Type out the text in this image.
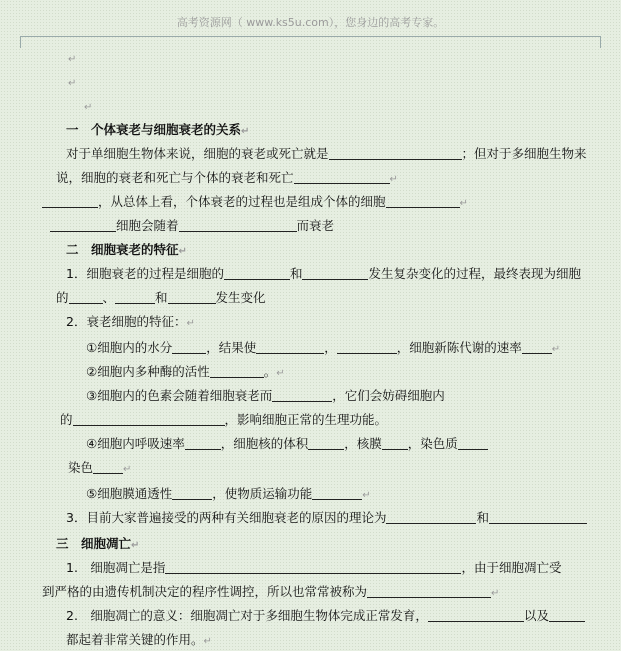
高考资源网（ www.ks5u.com），您身边的高考专家。
↵
↵
↵
一　个体衰老与细胞衰老的关系↵
对于单细胞生物体来说，细胞的衰老或死亡就是	；但对于多细胞生物来
说，细胞的衰老和死亡与个体的衰老和死亡	↵
，从总体上看，个体衰老的过程也是组成个体的细胞	↵
细胞会随着	而衰老
二　细胞衰老的特征↵
1．细胞衰老的过程是细胞的	和	发生复杂变化的过程，最终表现为细胞
的	、	和	发生变化
2．衰老细胞的特征：↵
①细胞内的水分	，结果使	，	，细胞新陈代谢的速率	↵
②细胞内多种酶的活性	。↵
③细胞内的色素会随着细胞衰老而	，它们会妨碍细胞内
的	，影响细胞正常的生理功能。
④细胞内呼吸速率	，细胞核的体积	，核膜 ，染色质
染色	↵
⑤细胞膜通透性	，使物质运输功能	↵
3．目前大家普遍接受的两种有关细胞衰老的原因的理论为	和
三　细胞凋亡↵
1.　细胞凋亡是指	，由于细胞凋亡受
到严格的由遗传机制决定的程序性调控，所以也常常被称为	↵
2.　细胞凋亡的意义：细胞凋亡对于多细胞生物体完成正常发育，	以及
都起着非常关键的作用。↵
